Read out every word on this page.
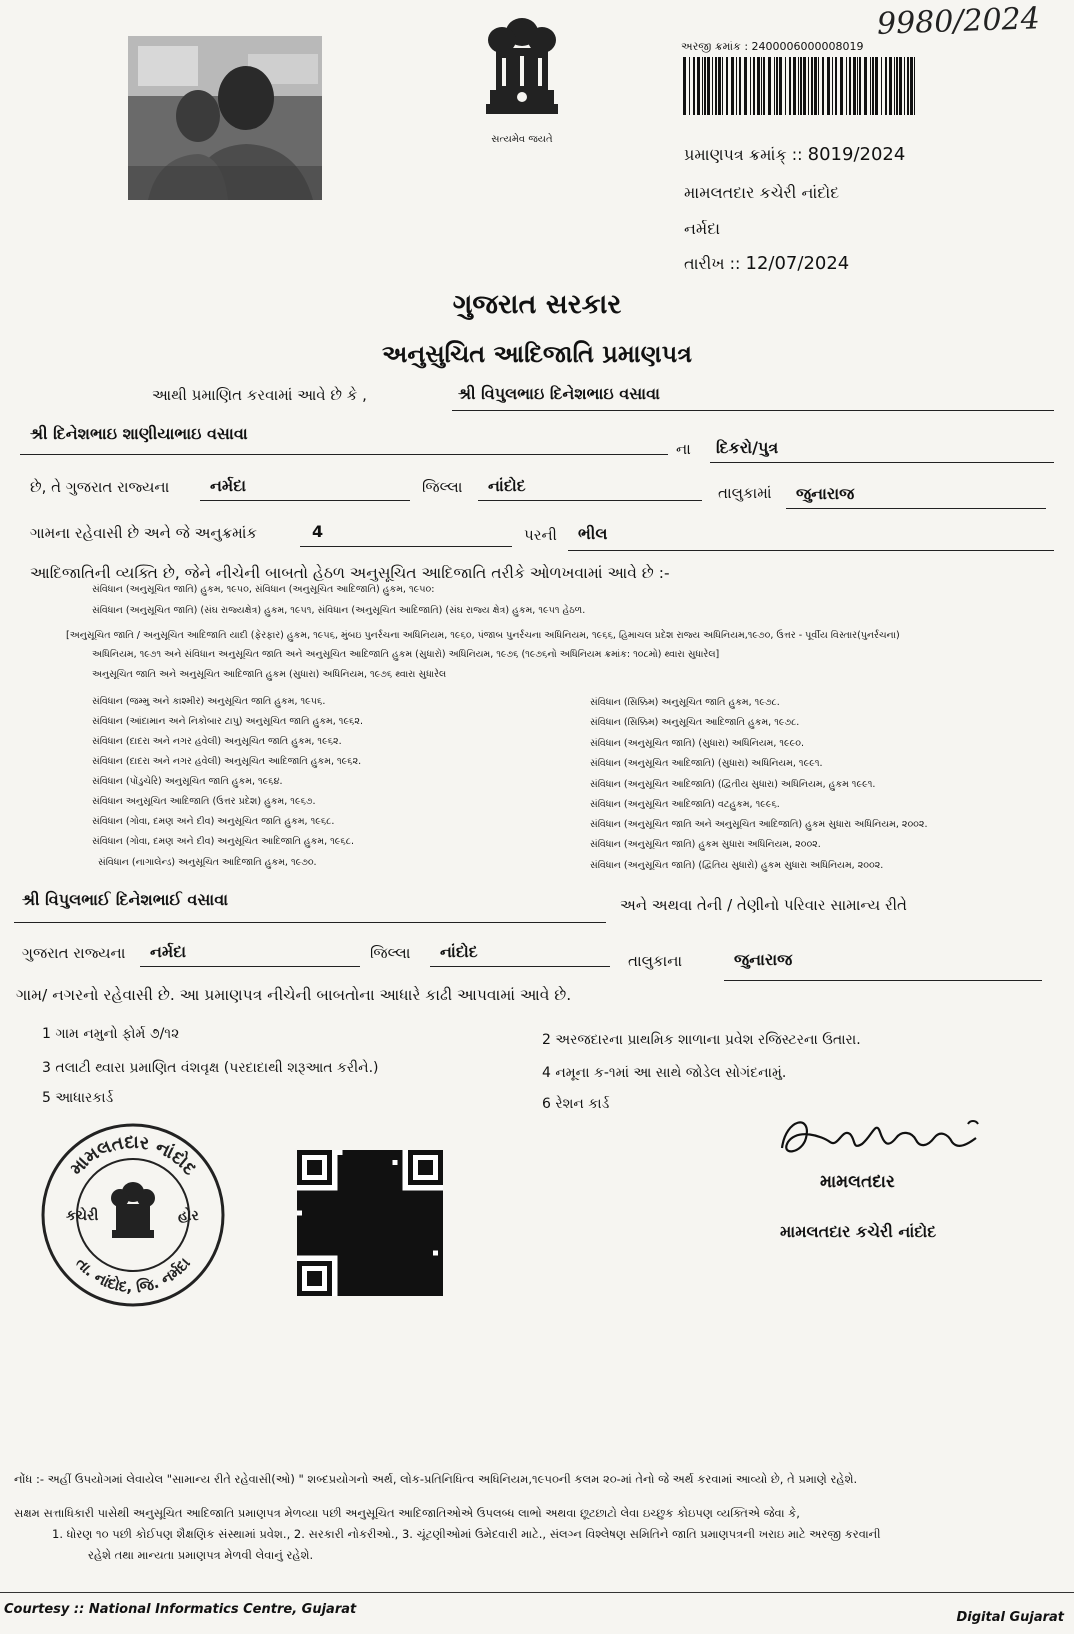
9980/2024
સત્યમેવ જયતે
અરજી ક્રમાંક : 2400006000008019
પ્રમાણપત્ર ક્રમાંક્ :: 8019/2024
મામલતદાર કચેરી નાંદોદ
નર્મદા
તારીખ :: 12/07/2024
ગુજરાત સરકાર
અનુસુચિત આદિજાતિ પ્રમાણપત્ર
આથી પ્રમાણિત કરવામાં આવે છે કે ,	શ્રી વિપુલભાઇ દિનેશભાઇ વસાવા
શ્રી દિનેશભાઇ શાણીયાભાઇ વસાવા
ના દિકરો/પુત્ર
છે, તે ગુજરાત રાજ્યના	નર્મદા	જિલ્લા નાંદોદ	તાલુકામાં જુનારાજ
ગામના રહેવાસી છે અને જે અનુક્રમાંક	4	પરની ભીલ
આદિજાતિની વ્યક્તિ છે, જેને નીચેની બાબતો હેઠળ અનુસૂચિત આદિજાતિ તરીકે ઓળખવામાં આવે છે :-
સંવિધાન (અનુસૂચિત જાતિ) હુકમ, ૧૯૫૦, સંવિધાન (અનુસૂચિત આદિજાતિ) હુકમ, ૧૯૫૦:
સંવિધાન (અનુસૂચિત જાતિ) (સંઘ રાજ્યક્ષેત્ર) હુકમ, ૧૯૫૧, સંવિધાન (અનુસૂચિત આદિજાતિ) (સંઘ રાજ્ય ક્ષેત્ર) હુકમ, ૧૯૫૧ હેઠળ.
[અનુસૂચિત જાતિ / અનુસૂચિત આદિજાતિ યાદી (ફેરફાર) હુકમ, ૧૯૫૬, મુંબઇ પુનર્રચના અધિનિયમ, ૧૯૬૦, પંજાબ પુનર્રચના અધિનિયમ, ૧૯૬૬, હિમાચલ પ્રદેશ રાજ્ય અધિનિયમ,૧૯૭૦, ઉત્તર - પૂર્વીય વિસ્તાર(પુનર્રચના)
અધિનિયમ, ૧૯૭૧ અને સંવિધાન અનુસૂચિત જાતિ અને અનુસૂચિત આદિજાતિ હુકમ (સુધારો) અધિનિયમ, ૧૯૭૬ (૧૯૭૬નો અધિનિયમ ક્રમાંક: ૧૦૮મો) થ્વારા સુધારેલ]
અનુસૂચિત જાતિ અને અનુસૂચિત આદિજાતિ હુકમ (સુધારા) અધિનિયમ, ૧૯૭૬ થ્વારા સુધારેલ
સંવિધાન (જમ્મુ અને કાશ્મીર) અનુસૂચિત જાતિ હુકમ, ૧૯૫૬.
સંવિધાન (આંદામાન અને નિકોબાર ટાપુ) અનુસૂચિત જાતિ હુકમ, ૧૯૬૨.
સંવિધાન (દાદરા અને નગર હવેલી) અનુસૂચિત જાતિ હુકમ, ૧૯૬૨.
સંવિધાન (દાદરા અને નગર હવેલી) અનુસૂચિત આદિજાતિ હુકમ, ૧૯૬૨.
સંવિધાન (પોંડુચેરિ) અનુસૂચિત જાતિ હુકમ, ૧૯૬૪.
સંવિધાન અનુસૂચિત આદિજાતિ (ઉત્તર પ્રદેશ) હુકમ, ૧૯૬૭.
સંવિધાન (ગોવા, દમણ અને દીવ) અનુસૂચિત જાતિ હુકમ, ૧૯૬૮.
સંવિધાન (ગોવા, દમણ અને દીવ) અનુસૂચિત આદિજાતિ હુકમ, ૧૯૬૮.
સંવિધાન (નાગાલેન્ડ) અનુસૂચિત આદિજાતિ હુકમ, ૧૯૭૦.
સંવિધાન (સિક્કિમ) અનુસૂચિત જાતિ હુકમ, ૧૯૭૮.
સંવિધાન (સિક્કિમ) અનુસૂચિત આદિજાતિ હુકમ, ૧૯૭૮.
સંવિધાન (અનુસૂચિત જાતિ) (સુધારા) અધિનિયમ, ૧૯૯૦.
સંવિધાન (અનુસૂચિત આદિજાતિ) (સુધારા) અધિનિયમ, ૧૯૯૧.
સંવિધાન (અનુસૂચિત આદિજાતિ) (દ્વિતીય સુધારા) અધિનિયમ, હુકમ ૧૯૯૧.
સંવિધાન (અનુસૂચિત આદિજાતિ) વટહુકમ, ૧૯૯૬.
સંવિધાન (અનુસૂચિત જાતિ અને અનુસૂચિત આદિજાતિ) હુકમ સુધારા અધિનિયમ, ૨૦૦૨.
સંવિધાન (અનુસૂચિત જાતિ) હુકમ સુધારા અધિનિયમ, ૨૦૦૨.
સંવિધાન (અનુસૂચિત જાતિ) (દ્વિતિય સુધારો) હુકમ સુધારા અધિનિયમ, ૨૦૦૨.
શ્રી વિપુલભાઈ દિનેશભાઈ વસાવા	અને અથવા તેની / તેણીનો પરિવાર સામાન્ય રીતે
ગુજરાત રાજ્યના નર્મદા	જિલ્લા નાંદોદ	તાલુકાના	જુનારાજ
ગામ/ નગરનો રહેવાસી છે. આ પ્રમાણપત્ર નીચેની બાબતોના આધારે કાઢી આપવામાં આવે છે.
1 ગામ નમુનો ફોર્મ ૭/૧૨	2 અરજદારના પ્રાથમિક શાળાના પ્રવેશ રજિસ્ટરના ઉતારા.
3 તલાટી થ્વારા પ્રમાણિત વંશવૃક્ષ (પરદાદાથી શરૂઆત કરીને.)	4 નમૂના ક-૧માં આ સાથે જોડેલ સોગંદનામું.
5 આધારકાર્ડ	6 રેશન કાર્ડ
મામલતદાર નાંદોદ
તા. નાંદોદ, જિ. નર્મદા
કચેરી	હોર
મામલતદાર
મામલતદાર કચેરી નાંદોદ
નોંધ :- અહીં ઉપયોગમાં લેવાયેલ "સામાન્ય રીતે રહેવાસી(ઓ) " શબ્દપ્રયોગનો અર્થ, લોક-પ્રતિનિધિત્વ અધિનિયમ,૧૯૫૦ની કલમ ૨૦-માં તેનો જે અર્થ કરવામાં આવ્યો છે, તે પ્રમાણે રહેશે.
સક્ષમ સત્તાધિકારી પાસેથી અનુસૂચિત આદિજાતિ પ્રમાણપત્ર મેળવ્યા પછી અનુસૂચિત આદિજાતિઓએ ઉપલબ્ધ લાભો અથવા છૂટછાટો લેવા ઇચ્છુક કોઇપણ વ્યક્તિએ જેવા કે,
1. ધોરણ ૧૦ પછી કોઈપણ શૈક્ષણિક સંસ્થામાં પ્રવેશ., 2. સરકારી નોકરીઓ., 3. ચૂંટણીઓમાં ઉમેદવારી માટે., સંલગ્ન વિશ્લેષણ સમિતિને જાતિ પ્રમાણપત્રની ખરાઇ માટે અરજી કરવાની
રહેશે તથા માન્યતા પ્રમાણપત્ર મેળવી લેવાનું રહેશે.
Courtesy :: National Informatics Centre, Gujarat
Digital Gujarat
